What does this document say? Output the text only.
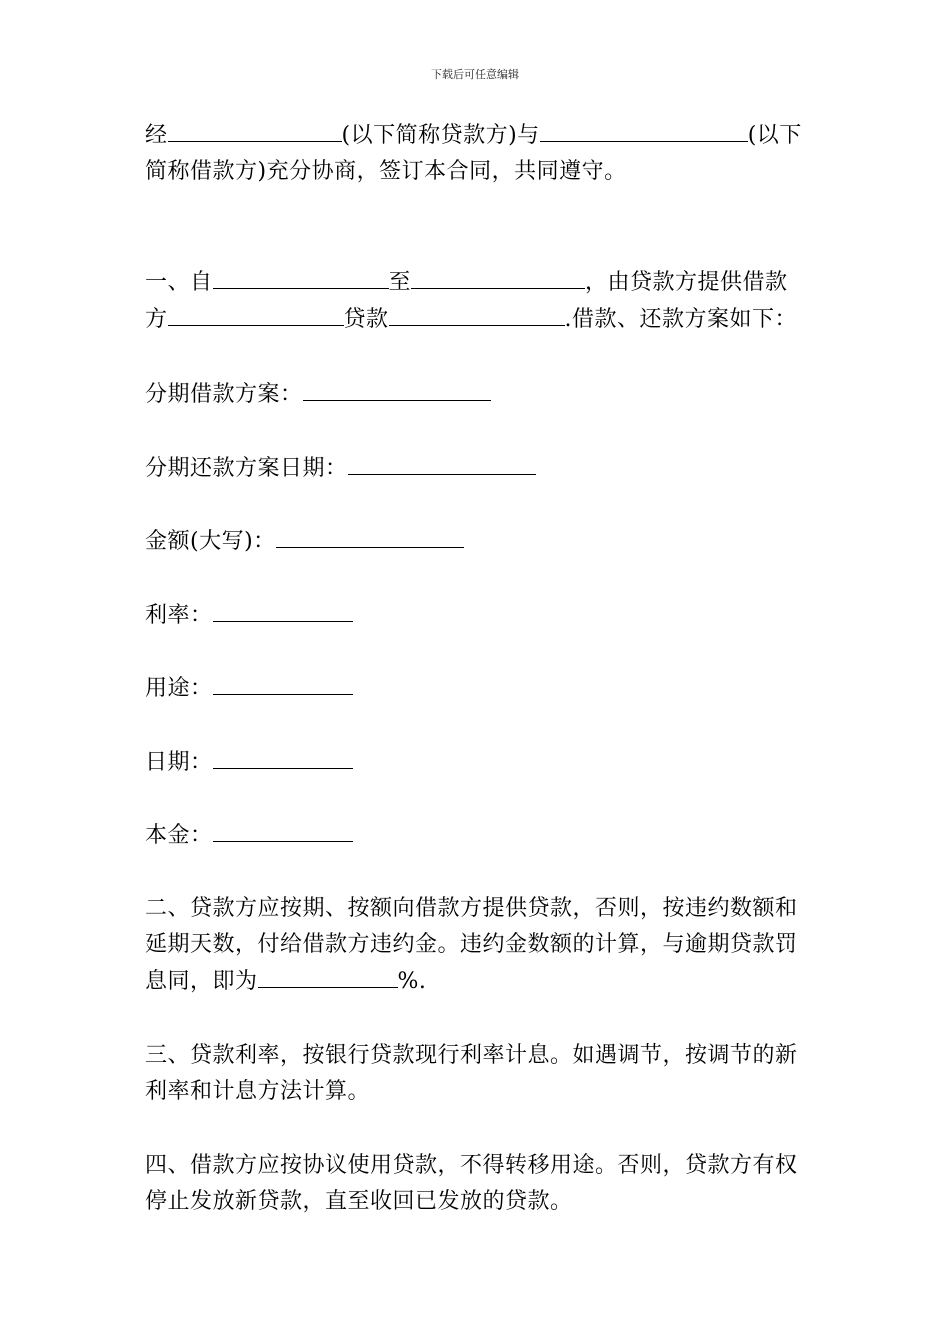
下载后可任意编辑
经	(以下简称贷款方)与	(以下
简称借款方)充分协商，签订本合同，共同遵守。
一、自	至	，由贷款方提供借款
方	贷款	.借款、还款方案如下：
分期借款方案：
分期还款方案日期：
金额(大写)：
利率：
用途：
日期：
本金：
二、贷款方应按期、按额向借款方提供贷款，否则，按违约数额和
延期天数，付给借款方违约金。违约金数额的计算，与逾期贷款罚
息同，即为	%.
三、贷款利率，按银行贷款现行利率计息。如遇调节，按调节的新
利率和计息方法计算。
四、借款方应按协议使用贷款，不得转移用途。否则，贷款方有权
停止发放新贷款，直至收回已发放的贷款。
